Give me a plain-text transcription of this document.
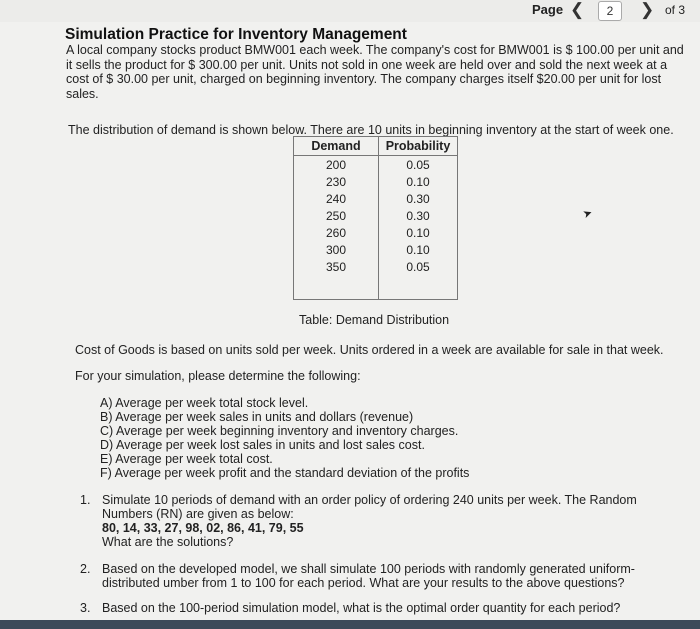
Page ❮	2	❯ of 3
Simulation Practice for Inventory Management

A local company stocks product BMW001 each week. The company's cost for BMW001 is $ 100.00 per unit and it sells the product for $ 300.00 per unit. Units not sold in one week are held over and sold the next week at a cost of $ 30.00 per unit, charged on beginning inventory. The company charges itself $20.00 per unit for lost sales.

The distribution of demand is shown below. There are 10 units in beginning inventory at the start of week one.

Demand	Probability
200	0.05
230	0.10
240	0.30
250	0.30
260	0.10
300	0.10
350	0.05

➤

Table: Demand Distribution

Cost of Goods is based on units sold per week. Units ordered in a week are available for sale in that week.

For your simulation, please determine the following:

A) Average per week total stock level.
B) Average per week sales in units and dollars (revenue)
C) Average per week beginning inventory and inventory charges.
D) Average per week lost sales in units and lost sales cost.
E) Average per week total cost.
F) Average per week profit and the standard deviation of the profits
1. Simulate 10 periods of demand with an order policy of ordering 240 units per week. The Random Numbers (RN) are given as below:
80, 14, 33, 27, 98, 02, 86, 41, 79, 55
What are the solutions?
2. Based on the developed model, we shall simulate 100 periods with randomly generated uniform-distributed umber from 1 to 100 for each period. What are your results to the above questions?
3. Based on the 100-period simulation model, what is the optimal order quantity for each period?
